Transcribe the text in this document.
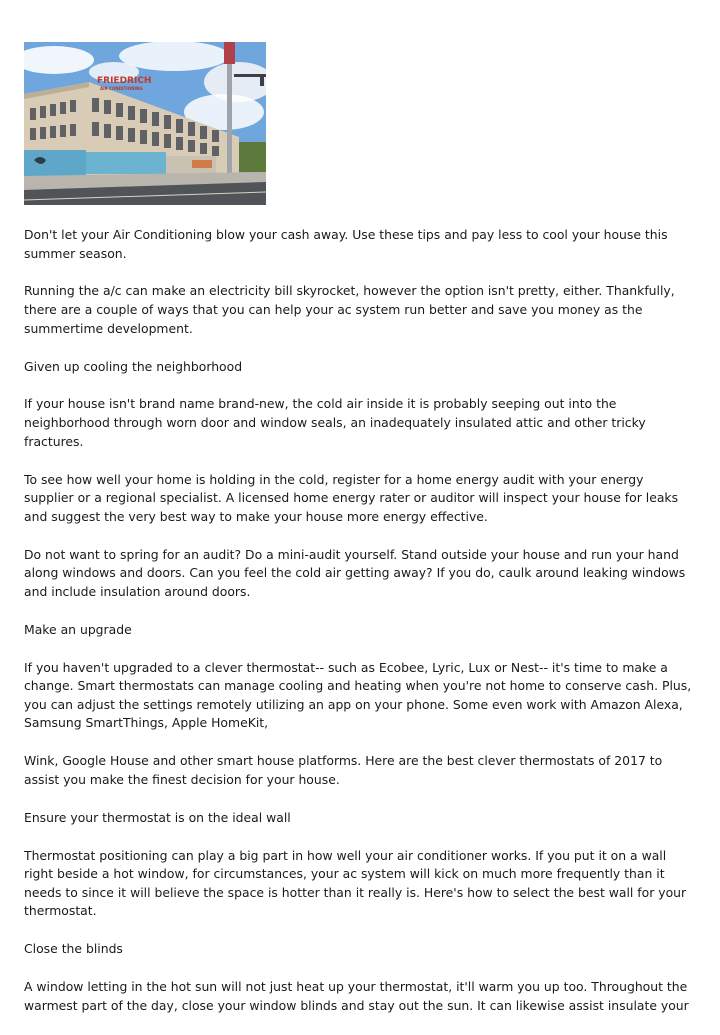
FRIEDRICH
AIR CONDITIONING

Don't let your Air Conditioning blow your cash away. Use these tips and pay less to cool your house this summer season.

Running the a/c can make an electricity bill skyrocket, however the option isn't pretty, either. Thankfully, there are a couple of ways that you can help your ac system run better and save you money as the summertime development.

Given up cooling the neighborhood

If your house isn't brand name brand-new, the cold air inside it is probably seeping out into the neighborhood through worn door and window seals, an inadequately insulated attic and other tricky fractures.

To see how well your home is holding in the cold, register for a home energy audit with your energy supplier or a regional specialist. A licensed home energy rater or auditor will inspect your house for leaks and suggest the very best way to make your house more energy effective.

Do not want to spring for an audit? Do a mini-audit yourself. Stand outside your house and run your hand along windows and doors. Can you feel the cold air getting away? If you do, caulk around leaking windows and include insulation around doors.

Make an upgrade

If you haven't upgraded to a clever thermostat-- such as Ecobee, Lyric, Lux or Nest-- it's time to make a change. Smart thermostats can manage cooling and heating when you're not home to conserve cash. Plus, you can adjust the settings remotely utilizing an app on your phone. Some even work with Amazon Alexa, Samsung SmartThings, Apple HomeKit,

Wink, Google House and other smart house platforms. Here are the best clever thermostats of 2017 to assist you make the finest decision for your house.

Ensure your thermostat is on the ideal wall

Thermostat positioning can play a big part in how well your air conditioner works. If you put it on a wall right beside a hot window, for circumstances, your ac system will kick on much more frequently than it needs to since it will believe the space is hotter than it really is. Here's how to select the best wall for your thermostat.

Close the blinds

A window letting in the hot sun will not just heat up your thermostat, it'll warm you up too. Throughout the warmest part of the day, close your window blinds and stay out the sun. It can likewise assist insulate your
